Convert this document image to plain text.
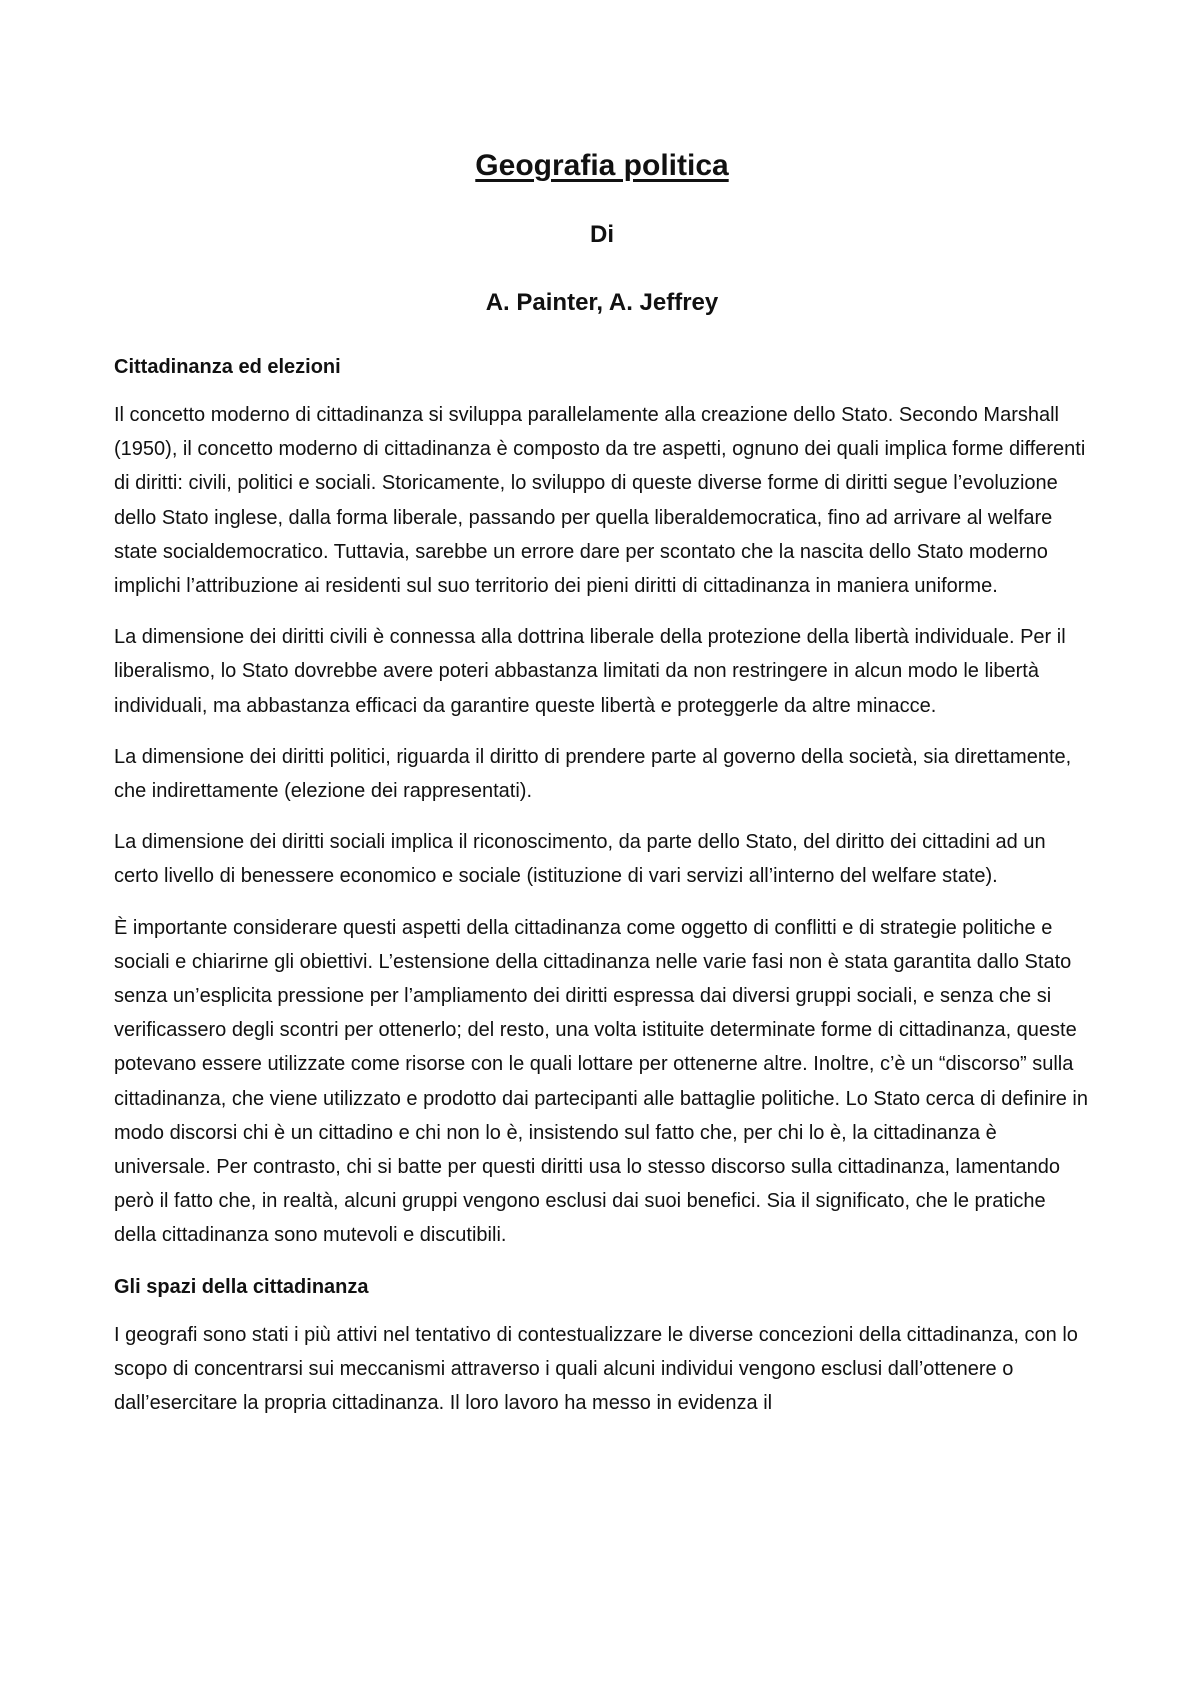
Geografia politica
Di
A. Painter, A. Jeffrey
Cittadinanza ed elezioni

Il concetto moderno di cittadinanza si sviluppa parallelamente alla creazione dello Stato. Secondo Marshall (1950), il concetto moderno di cittadinanza è composto da tre aspetti, ognuno dei quali implica forme differenti di diritti: civili, politici e sociali. Storicamente, lo sviluppo di queste diverse forme di diritti segue l’evoluzione dello Stato inglese, dalla forma liberale, passando per quella liberaldemocratica, fino ad arrivare al welfare state socialdemocratico. Tuttavia, sarebbe un errore dare per scontato che la nascita dello Stato moderno implichi l’attribuzione ai residenti sul suo territorio dei pieni diritti di cittadinanza in maniera uniforme.

La dimensione dei diritti civili è connessa alla dottrina liberale della protezione della libertà individuale. Per il liberalismo, lo Stato dovrebbe avere poteri abbastanza limitati da non restringere in alcun modo le libertà individuali, ma abbastanza efficaci da garantire queste libertà e proteggerle da altre minacce.

La dimensione dei diritti politici, riguarda il diritto di prendere parte al governo della società, sia direttamente, che indirettamente (elezione dei rappresentati).

La dimensione dei diritti sociali implica il riconoscimento, da parte dello Stato, del diritto dei cittadini ad un certo livello di benessere economico e sociale (istituzione di vari servizi all’interno del welfare state).

È importante considerare questi aspetti della cittadinanza come oggetto di conflitti e di strategie politiche e sociali e chiarirne gli obiettivi. L’estensione della cittadinanza nelle varie fasi non è stata garantita dallo Stato senza un’esplicita pressione per l’ampliamento dei diritti espressa dai diversi gruppi sociali, e senza che si verificassero degli scontri per ottenerlo; del resto, una volta istituite determinate forme di cittadinanza, queste potevano essere utilizzate come risorse con le quali lottare per ottenerne altre. Inoltre, c’è un “discorso” sulla cittadinanza, che viene utilizzato e prodotto dai partecipanti alle battaglie politiche. Lo Stato cerca di definire in modo discorsi chi è un cittadino e chi non lo è, insistendo sul fatto che, per chi lo è, la cittadinanza è universale. Per contrasto, chi si batte per questi diritti usa lo stesso discorso sulla cittadinanza, lamentando però il fatto che, in realtà, alcuni gruppi vengono esclusi dai suoi benefici. Sia il significato, che le pratiche della cittadinanza sono mutevoli e discutibili.

Gli spazi della cittadinanza

I geografi sono stati i più attivi nel tentativo di contestualizzare le diverse concezioni della cittadinanza, con lo scopo di concentrarsi sui meccanismi attraverso i quali alcuni individui vengono esclusi dall’ottenere o dall’esercitare la propria cittadinanza. Il loro lavoro ha messo in evidenza il
